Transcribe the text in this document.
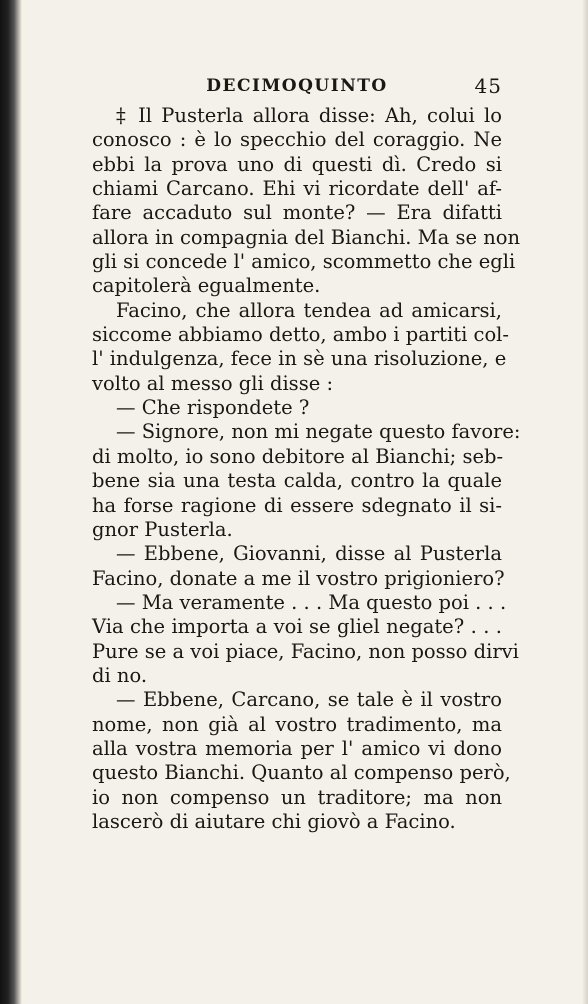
DECIMOQUINTO	45
‡ Il Pusterla allora disse: Ah, colui lo
conosco : è lo specchio del coraggio. Ne
ebbi la prova uno di questi dì. Credo si
chiami Carcano. Ehi vi ricordate dell' af-
fare accaduto sul monte? — Era difatti
allora in compagnia del Bianchi. Ma se non
gli si concede l' amico, scommetto che egli
capitolerà egualmente.
Facino, che allora tendea ad amicarsi,
siccome abbiamo detto, ambo i partiti col-
l' indulgenza, fece in sè una risoluzione, e
volto al messo gli disse :
— Che rispondete ?
— Signore, non mi negate questo favore:
di molto, io sono debitore al Bianchi; seb-
bene sia una testa calda, contro la quale
ha forse ragione di essere sdegnato il si-
gnor Pusterla.
— Ebbene, Giovanni, disse al Pusterla
Facino, donate a me il vostro prigioniero?
— Ma veramente . . . Ma questo poi . . .
Via che importa a voi se gliel negate? . . .
Pure se a voi piace, Facino, non posso dirvi
di no.
— Ebbene, Carcano, se tale è il vostro
nome, non già al vostro tradimento, ma
alla vostra memoria per l' amico vi dono
questo Bianchi. Quanto al compenso però,
io non compenso un traditore; ma non
lascerò di aiutare chi giovò a Facino.
